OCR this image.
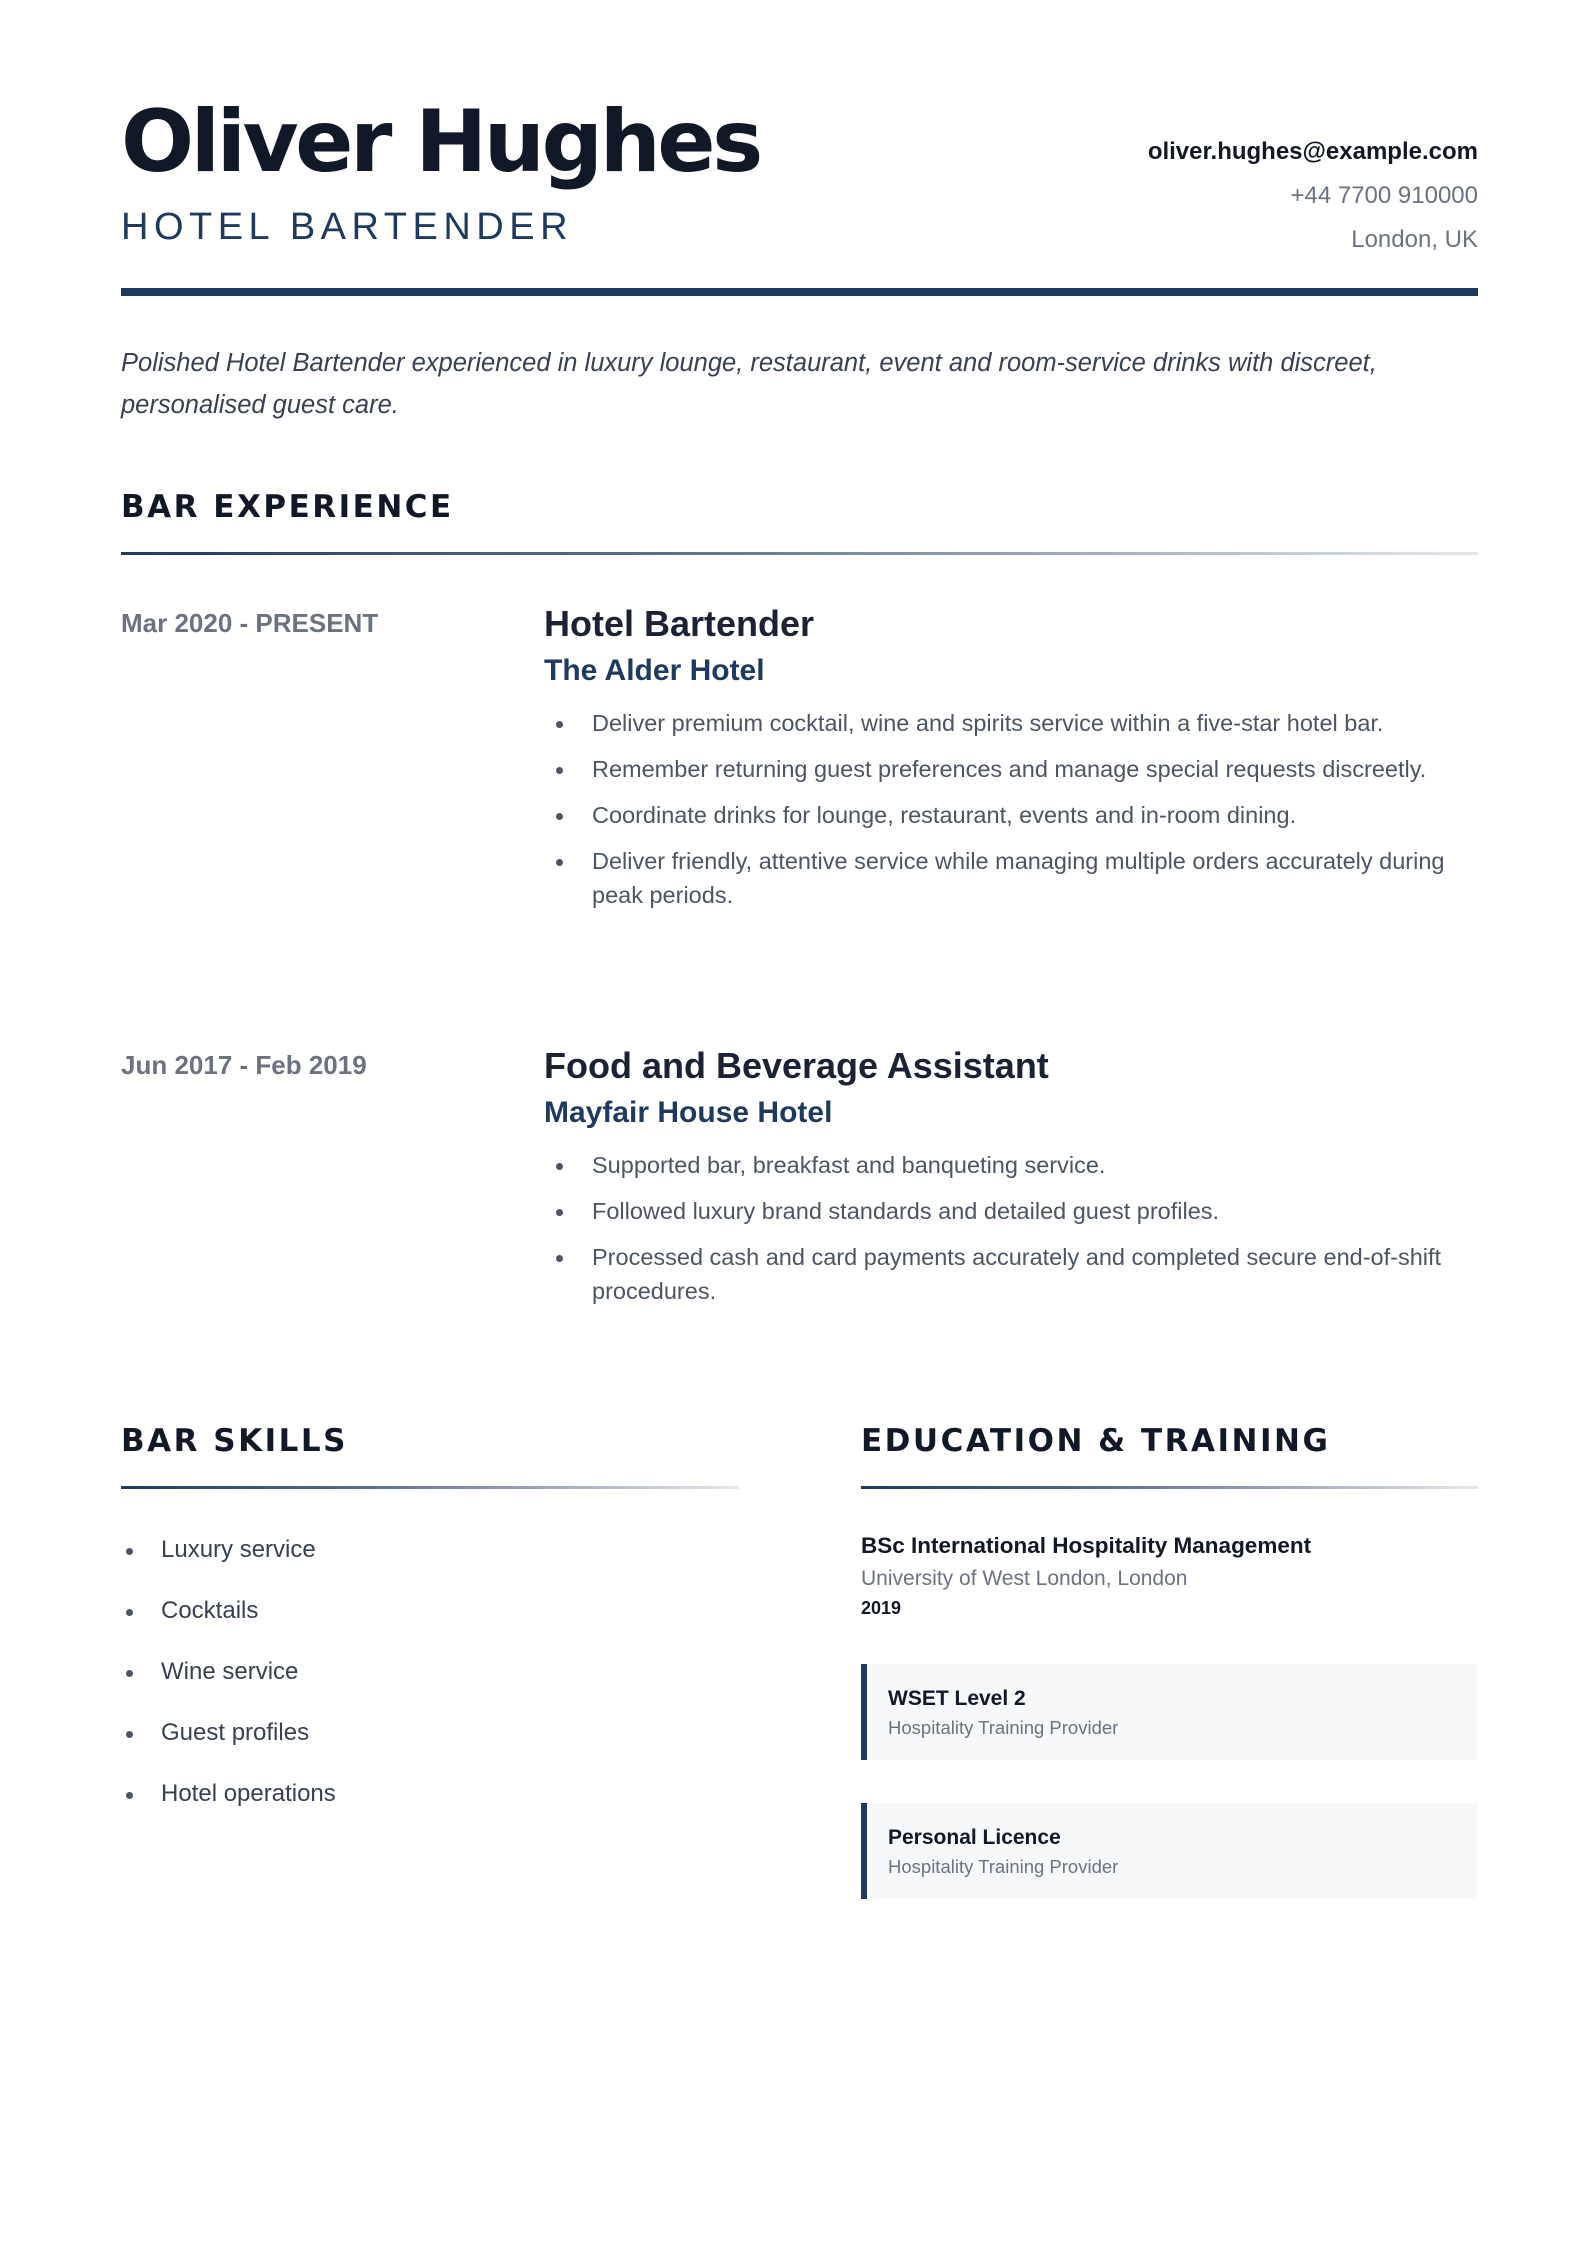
Oliver Hughes
HOTEL BARTENDER
oliver.hughes@example.com
+44 7700 910000
London, UK

Polished Hotel Bartender experienced in luxury lounge, restaurant, event and room-service drinks with discreet, personalised guest care.

BAR EXPERIENCE
Mar 2020 - PRESENT	Hotel Bartender
The Alder Hotel
Deliver premium cocktail, wine and spirits service within a five-star hotel bar.
Remember returning guest preferences and manage special requests discreetly.
Coordinate drinks for lounge, restaurant, events and in-room dining.
Deliver friendly, attentive service while managing multiple orders accurately during peak periods.
Jun 2017 - Feb 2019	Food and Beverage Assistant
Mayfair House Hotel
Supported bar, breakfast and banqueting service.
Followed luxury brand standards and detailed guest profiles.
Processed cash and card payments accurately and completed secure end-of-shift procedures.
BAR SKILLS
Luxury service
Cocktails
Wine service
Guest profiles
Hotel operations
EDUCATION & TRAINING
BSc International Hospitality Management
University of West London, London
2019
WSET Level 2
Hospitality Training Provider
Personal Licence
Hospitality Training Provider
